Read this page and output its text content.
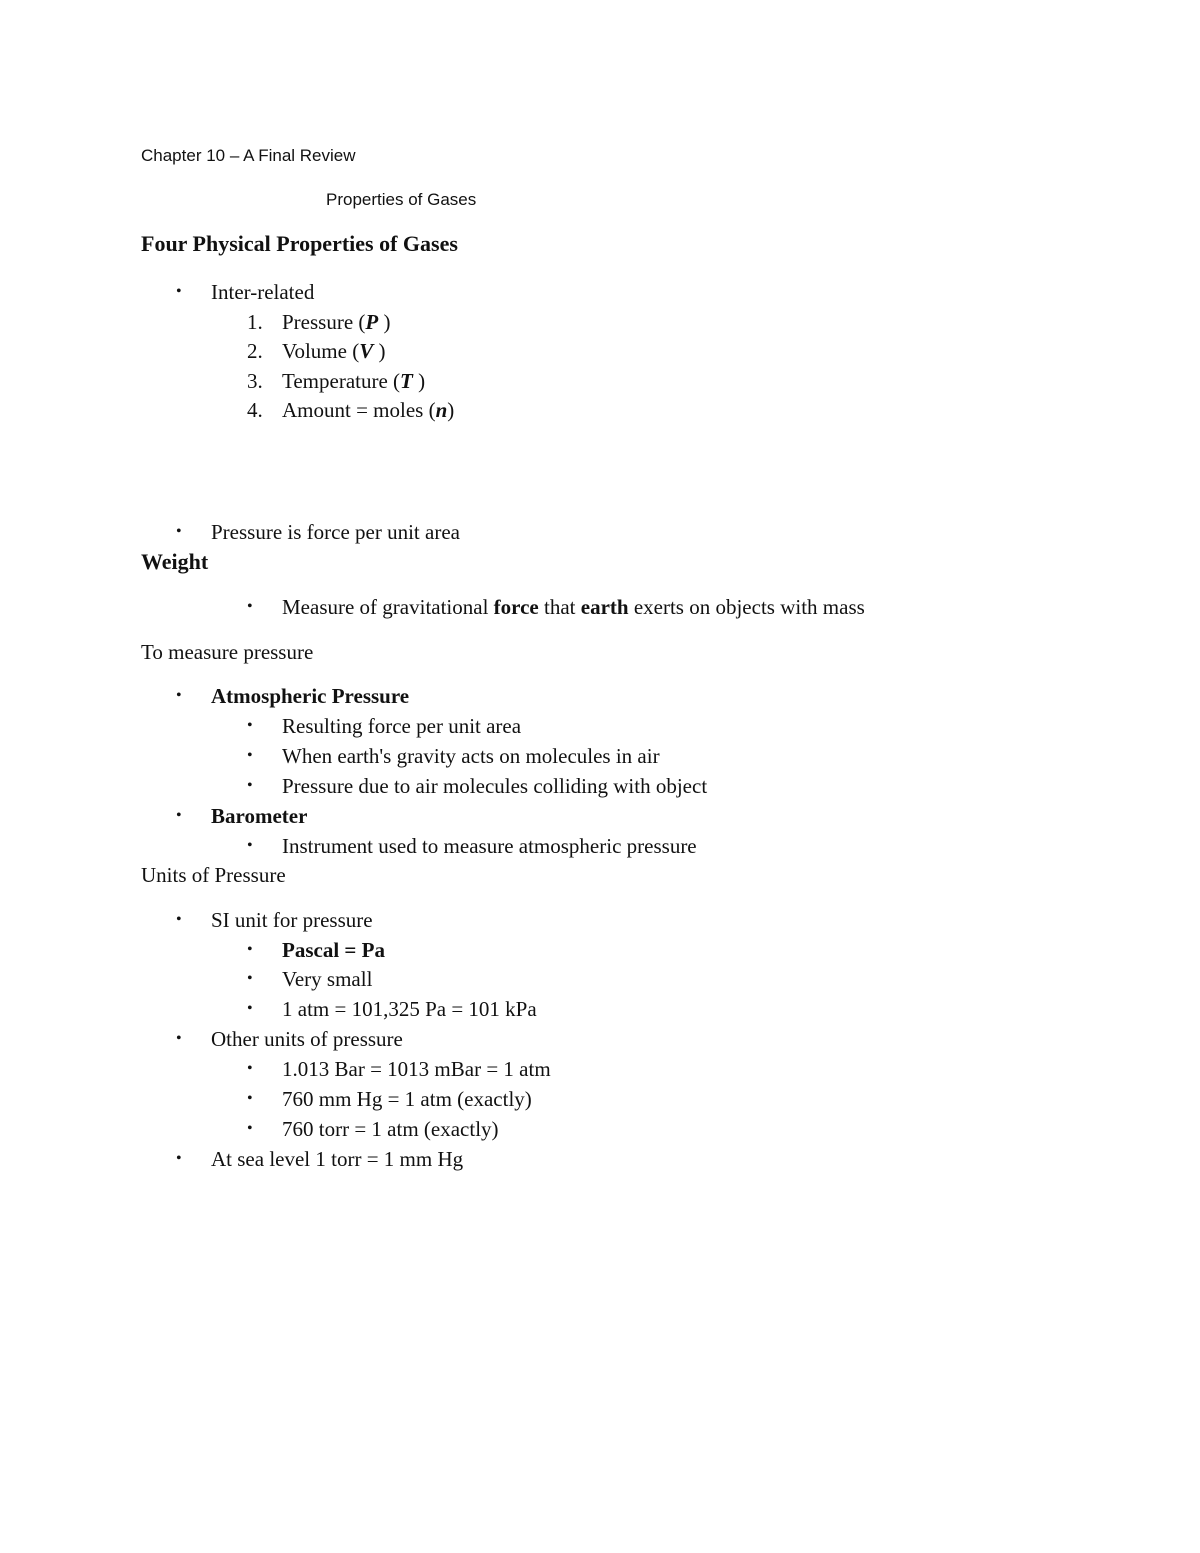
Chapter 10 – A Final Review
Properties of Gases
Four Physical Properties of Gases
• Inter-related
1. Pressure (P )
2. Volume (V )
3. Temperature (T )
4. Amount = moles (n)
• Pressure is force per unit area
Weight
• Measure of gravitational force that earth exerts on objects with mass
To measure pressure
• Atmospheric Pressure
• Resulting force per unit area
• When earth's gravity acts on molecules in air
• Pressure due to air molecules colliding with object
• Barometer
• Instrument used to measure atmospheric pressure
Units of Pressure
• SI unit for pressure
• Pascal = Pa
• Very small
• 1 atm = 101,325 Pa = 101 kPa
• Other units of pressure
• 1.013 Bar = 1013 mBar = 1 atm
• 760 mm Hg = 1 atm (exactly)
• 760 torr = 1 atm (exactly)
• At sea level 1 torr = 1 mm Hg
